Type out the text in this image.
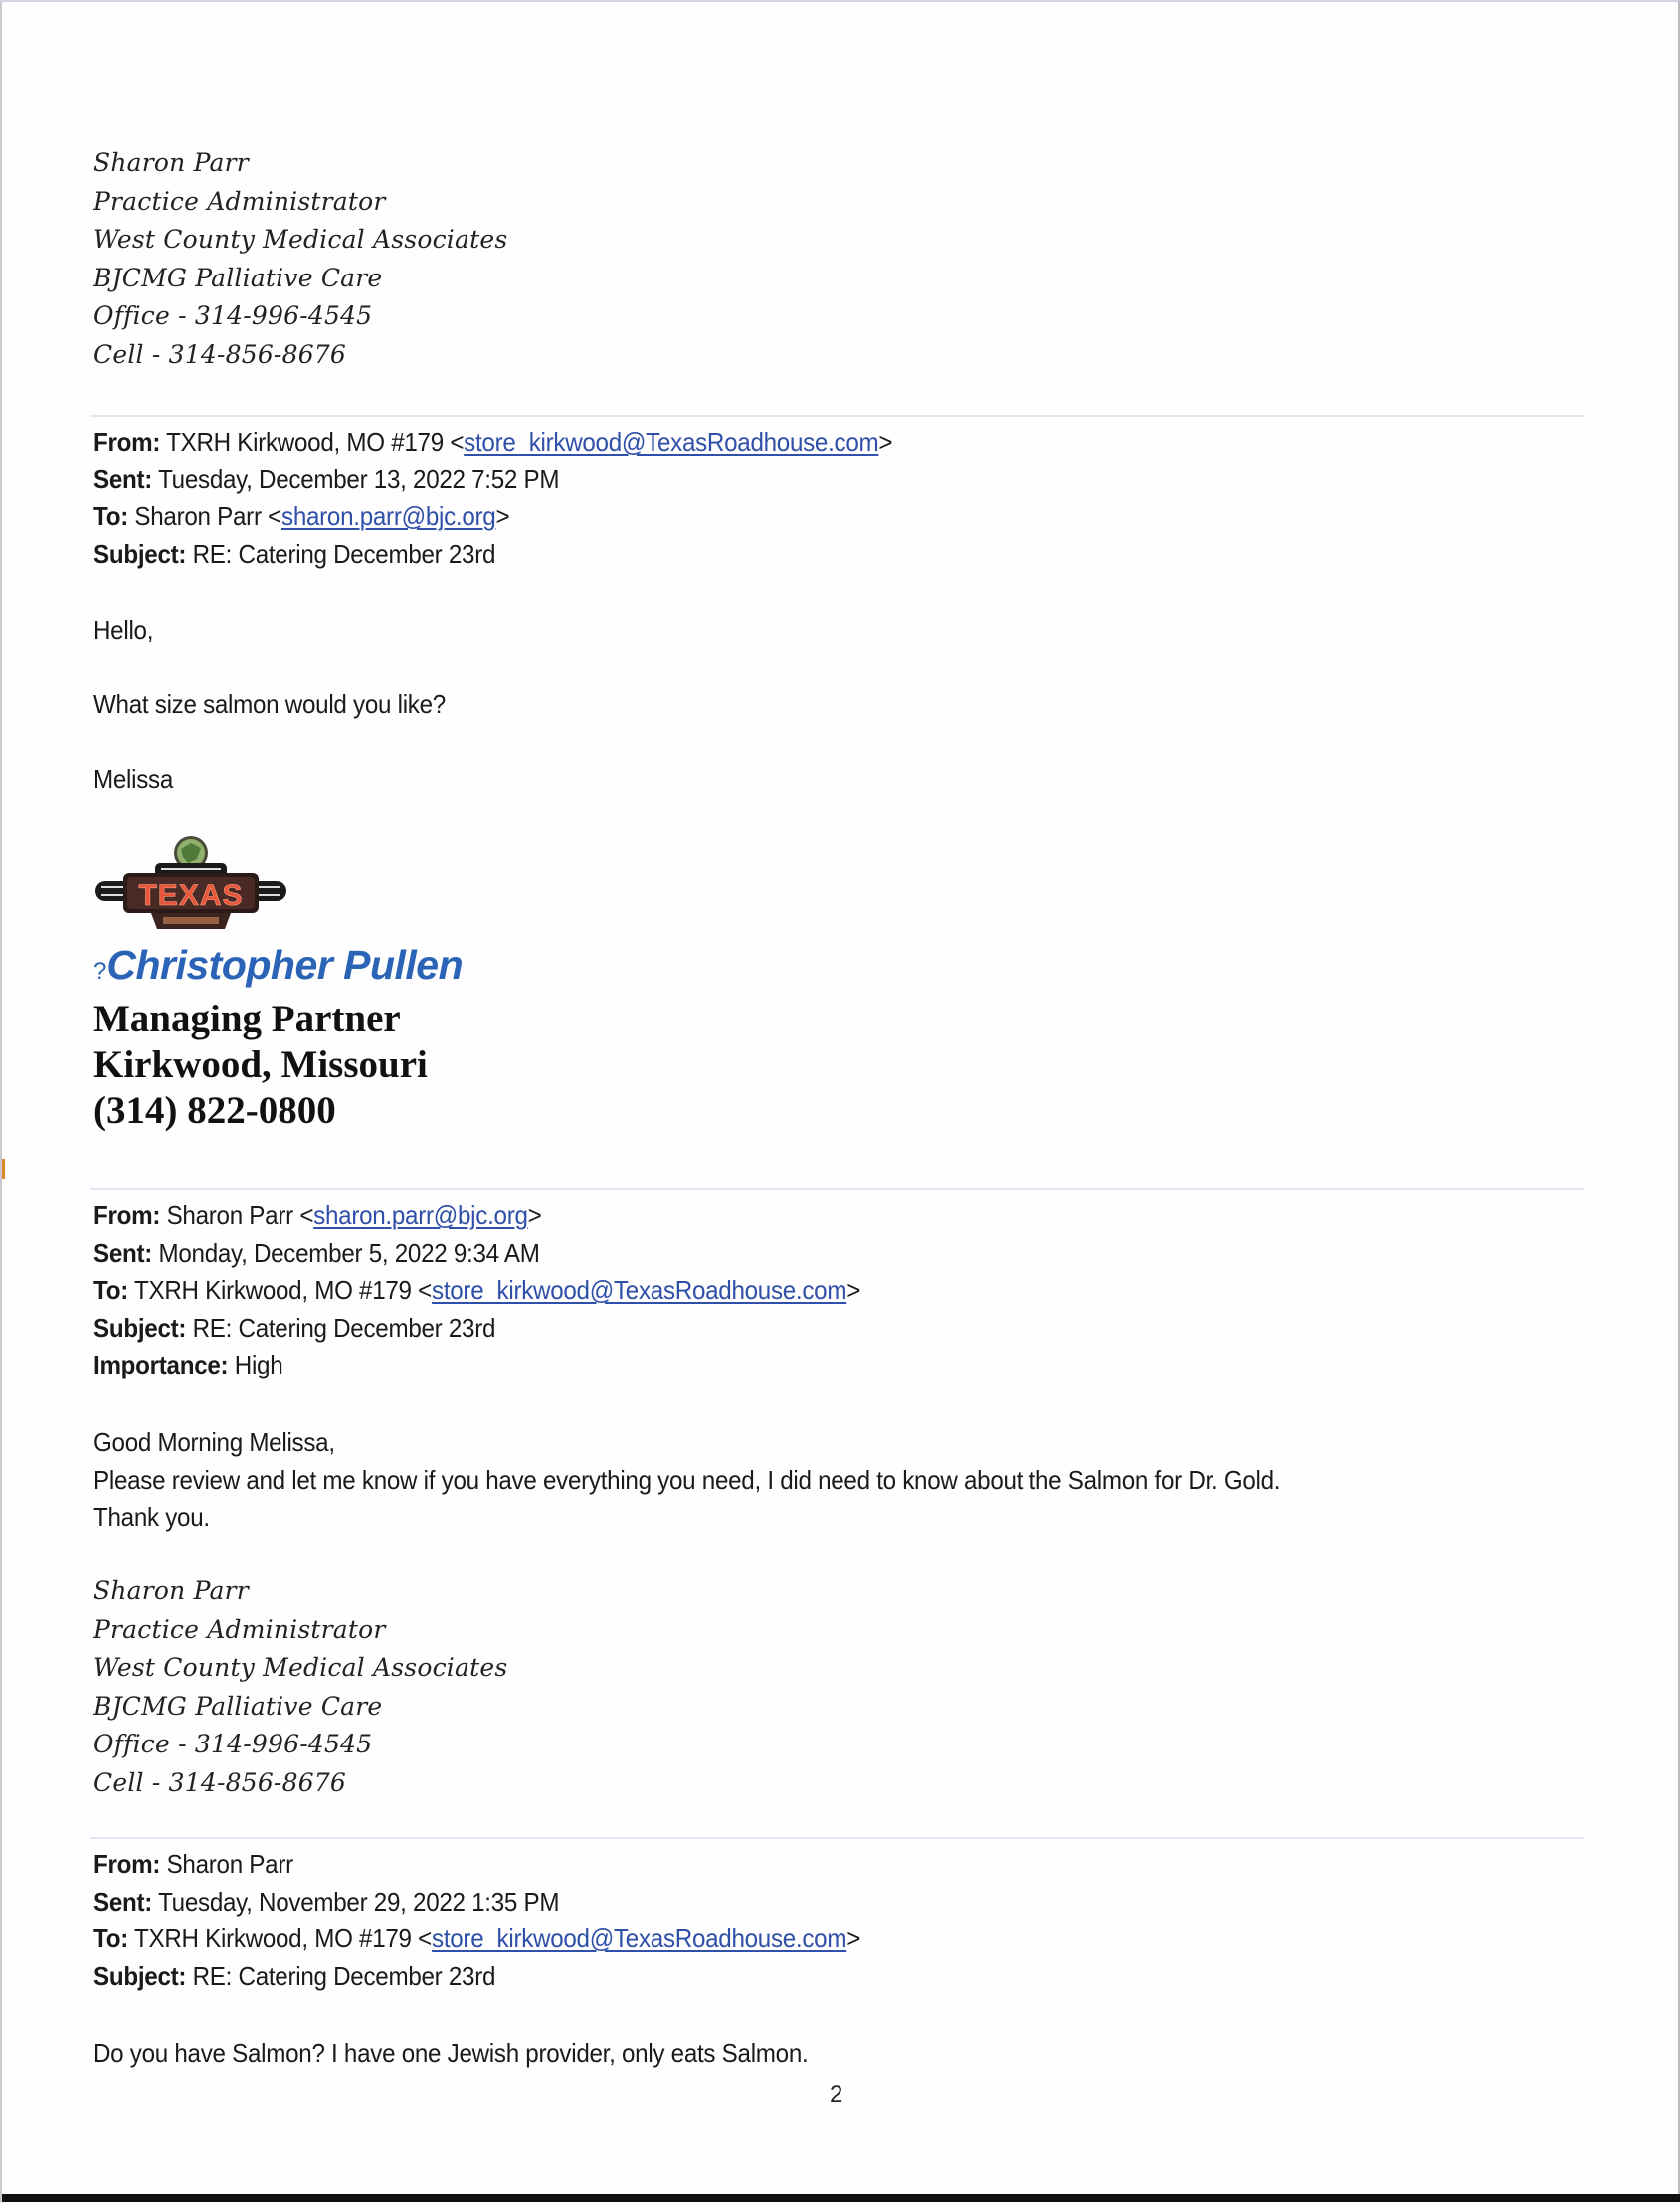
Sharon Parr
Practice Administrator
West County Medical Associates
BJCMG Palliative Care
Office - 314-996-4545
Cell - 314-856-8676
From: TXRH Kirkwood, MO #179 <store_kirkwood@TexasRoadhouse.com>
Sent: Tuesday, December 13, 2022 7:52 PM
To: Sharon Parr <sharon.parr@bjc.org>
Subject: RE: Catering December 23rd
Hello,
What size salmon would you like?
Melissa
TEXAS
?Christopher Pullen
Managing Partner
Kirkwood, Missouri
(314) 822-0800
From: Sharon Parr <sharon.parr@bjc.org>
Sent: Monday, December 5, 2022 9:34 AM
To: TXRH Kirkwood, MO #179 <store_kirkwood@TexasRoadhouse.com>
Subject: RE: Catering December 23rd
Importance: High
Good Morning Melissa,
Please review and let me know if you have everything you need, I did need to know about the Salmon for Dr. Gold.
Thank you.
Sharon Parr
Practice Administrator
West County Medical Associates
BJCMG Palliative Care
Office - 314-996-4545
Cell - 314-856-8676
From: Sharon Parr
Sent: Tuesday, November 29, 2022 1:35 PM
To: TXRH Kirkwood, MO #179 <store_kirkwood@TexasRoadhouse.com>
Subject: RE: Catering December 23rd
Do you have Salmon? I have one Jewish provider, only eats Salmon.
2
